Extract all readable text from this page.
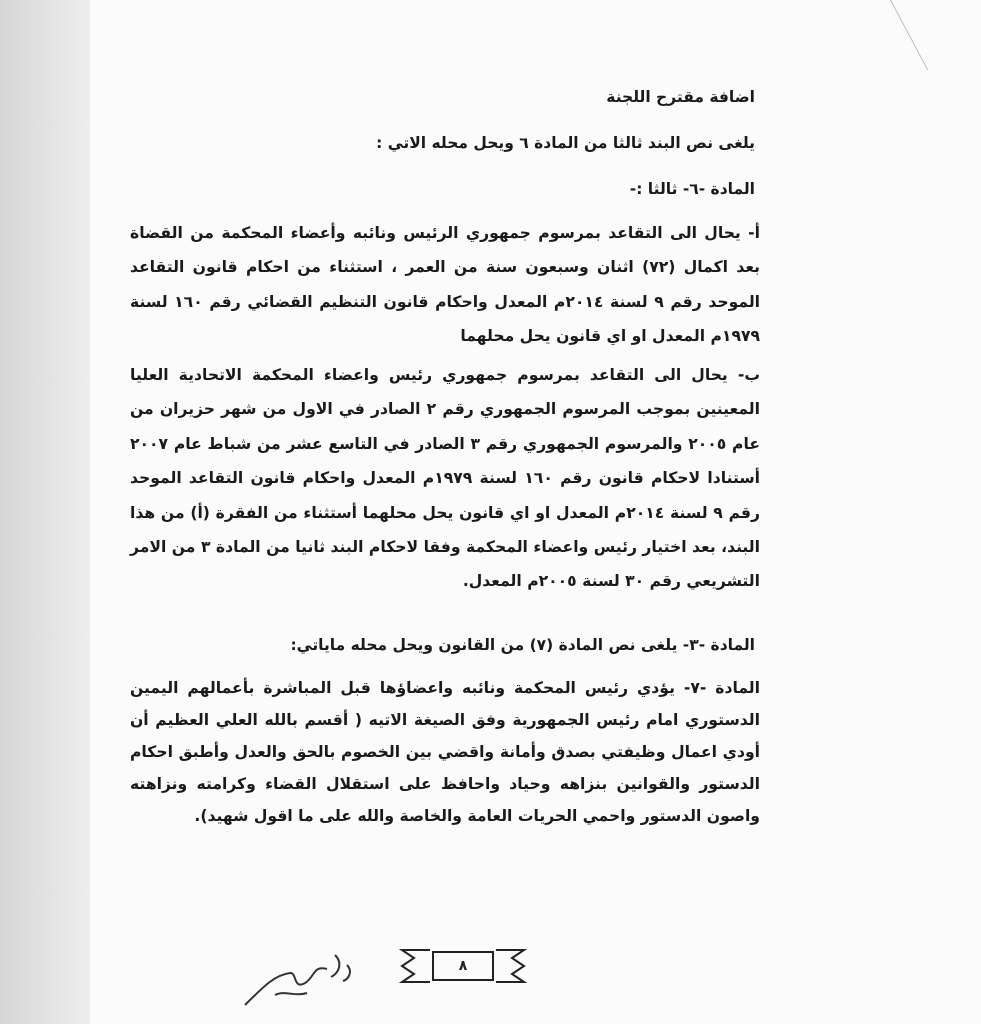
اضافة مقترح اللجنة
يلغى نص البند ثالثا من المادة ٦ ويحل محله الاتي :
المادة -٦- ثالثا :-
أ- يحال الى التقاعد بمرسوم جمهوري الرئيس ونائبه وأعضاء المحكمة من القضاة بعد اكمال (٧٢) اثنان وسبعون سنة من العمر ، استثناء من احكام قانون التقاعد الموحد رقم ٩ لسنة ٢٠١٤م المعدل واحكام قانون التنظيم القضائي رقم ١٦٠ لسنة ١٩٧٩م المعدل او اي قانون يحل محلهما
ب- يحال الى التقاعد بمرسوم جمهوري رئيس واعضاء المحكمة الاتحادية العليا المعينين بموجب المرسوم الجمهوري رقم ٢ الصادر في الاول من شهر حزيران من عام ٢٠٠٥ والمرسوم الجمهوري رقم ٣ الصادر في التاسع عشر من شباط عام ٢٠٠٧ أستنادا لاحكام قانون رقم ١٦٠ لسنة ١٩٧٩م المعدل واحكام قانون التقاعد الموحد رقم ٩ لسنة ٢٠١٤م المعدل او اي قانون يحل محلهما أستثناء من الفقرة (أ) من هذا البند، بعد اختيار رئيس واعضاء المحكمة وفقا لاحكام البند ثانيا من المادة ٣ من الامر التشريعي رقم ٣٠ لسنة ٢٠٠٥م المعدل.
المادة -٣- يلغى نص المادة (٧) من القانون ويحل محله ماياتي:
المادة -٧- يؤدي رئيس المحكمة ونائبه واعضاؤها قبل المباشرة بأعمالهم اليمين الدستوري امام رئيس الجمهورية وفق الصيغة الاتيه ( أقسم بالله العلي العظيم أن أودي اعمال وظيفتي بصدق وأمانة واقضي بين الخصوم بالحق والعدل وأطبق احكام الدستور والقوانين بنزاهه وحياد واحافظ على استقلال القضاء وكرامته ونزاهته واصون الدستور واحمي الحريات العامة والخاصة والله على ما اقول شهيد).
٨
